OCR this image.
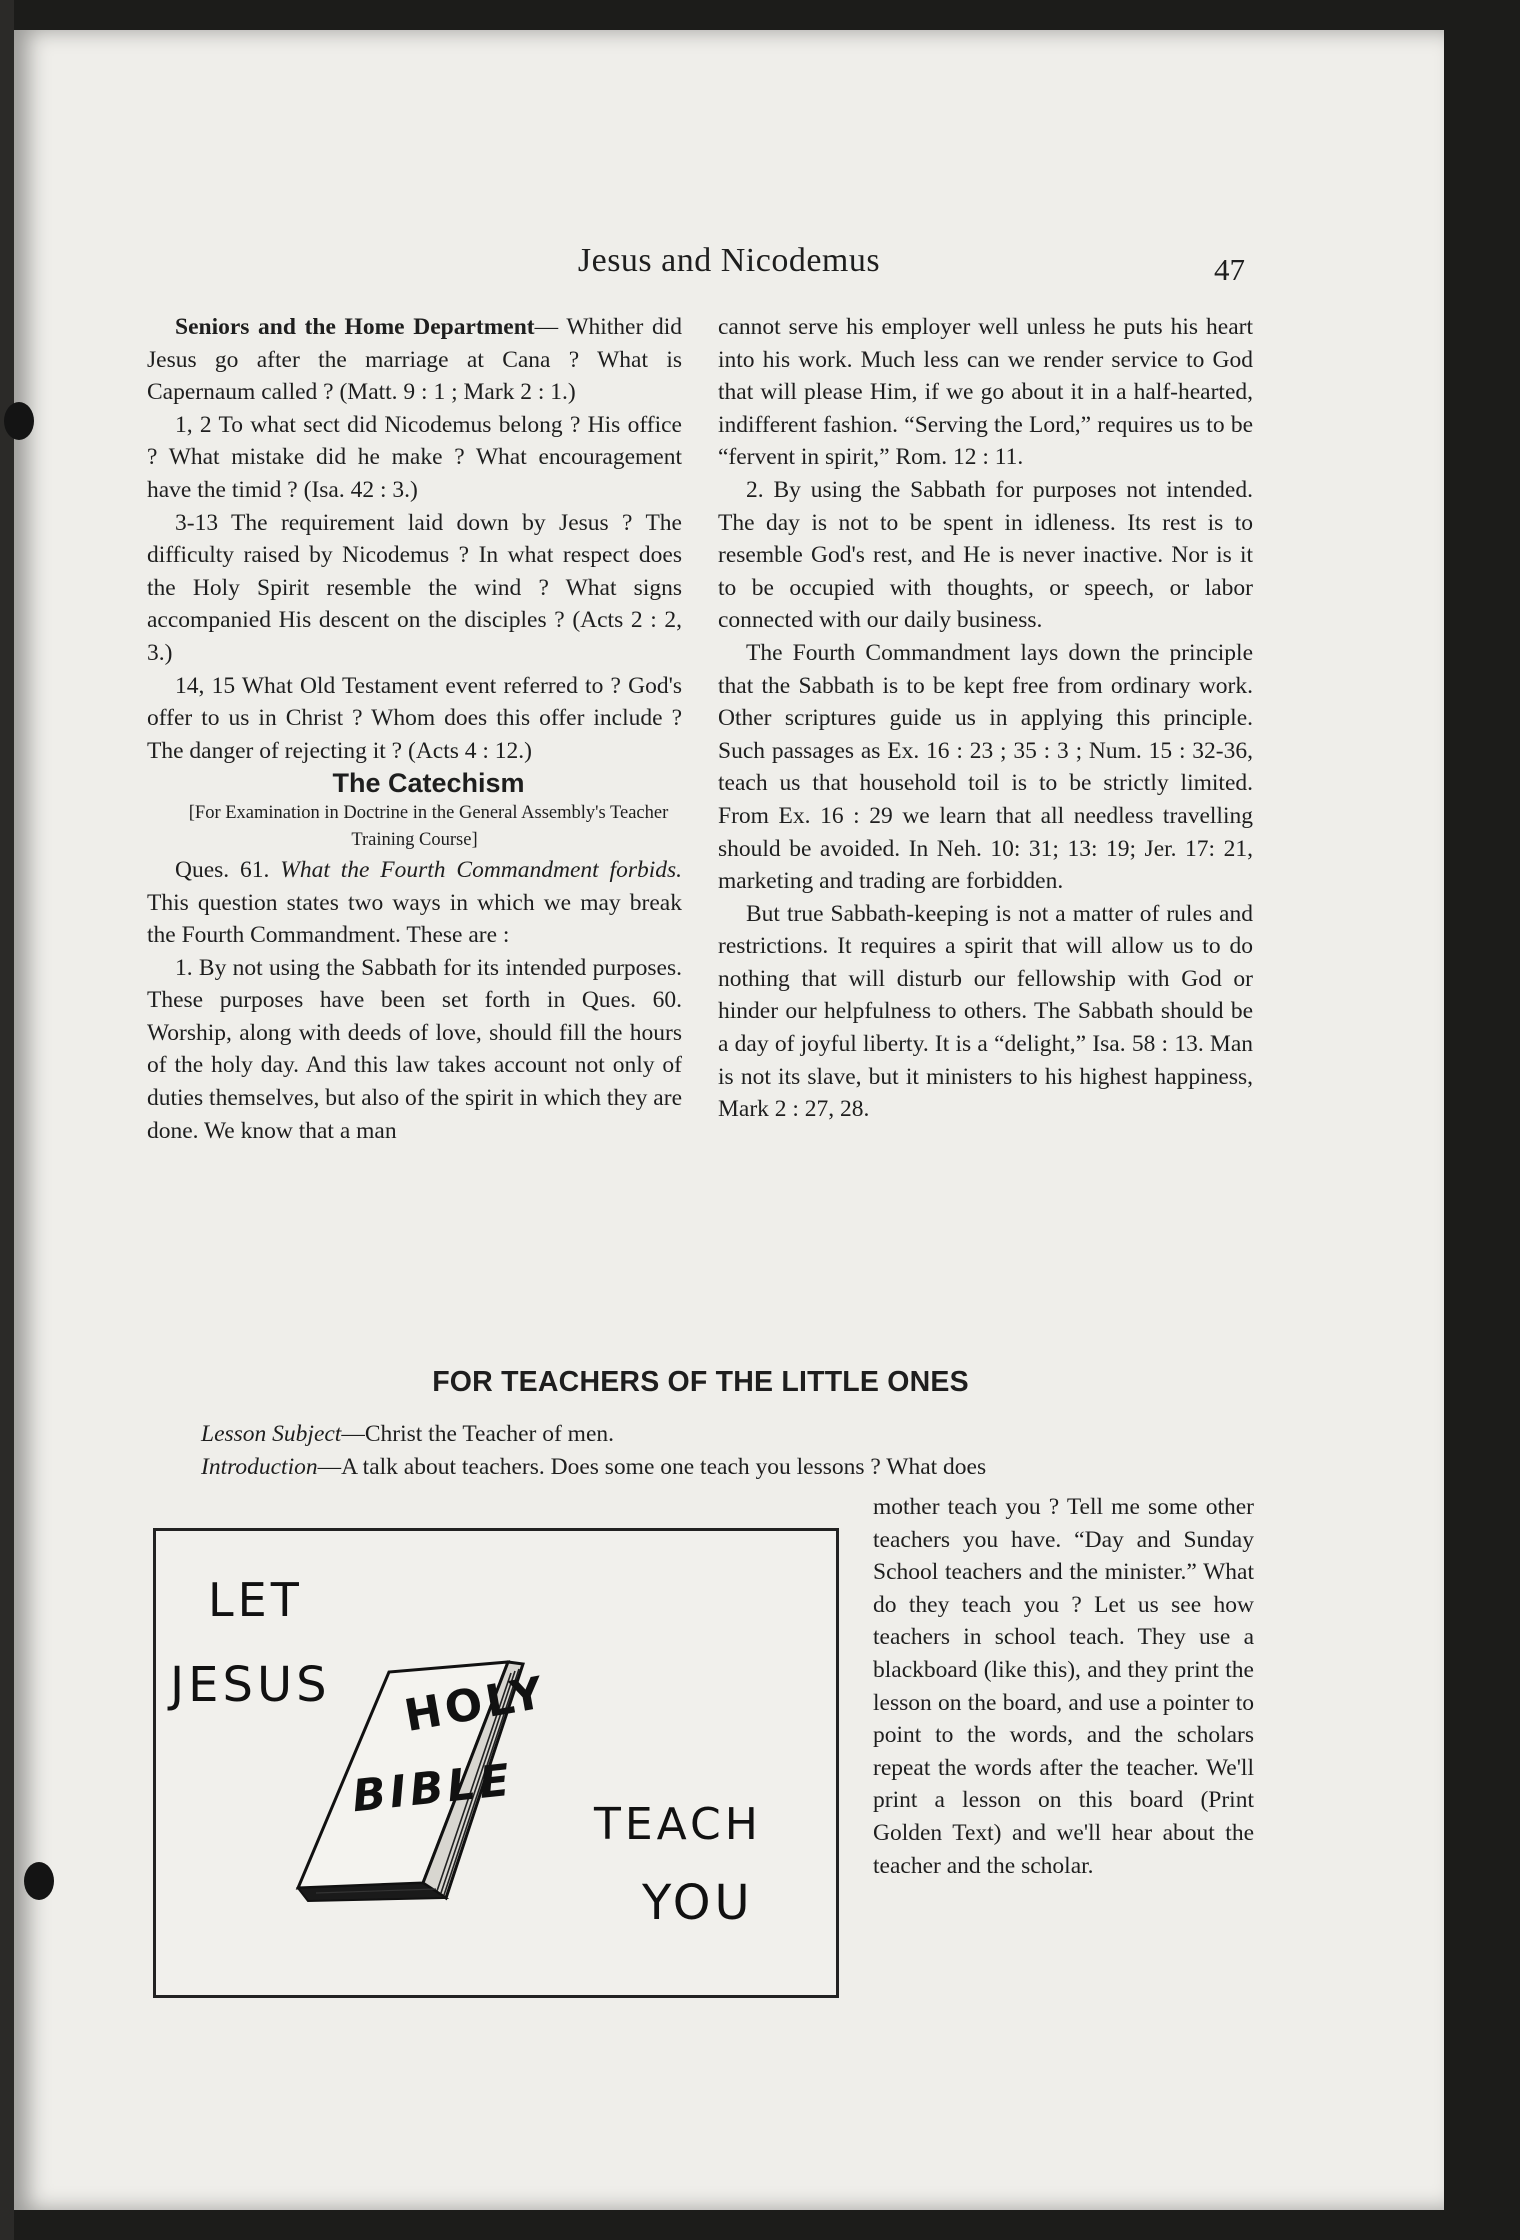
Jesus and Nicodemus	47

Seniors and the Home Department— Whither did Jesus go after the marriage at Cana ? What is Capernaum called ? (Matt. 9 : 1 ; Mark 2 : 1.)

1, 2 To what sect did Nicodemus belong ? His office ? What mistake did he make ? What encouragement have the timid ? (Isa. 42 : 3.)

3-13 The requirement laid down by Jesus ? The difficulty raised by Nicodemus ? In what respect does the Holy Spirit resemble the wind ? What signs accompanied His descent on the disciples ? (Acts 2 : 2, 3.)

14, 15 What Old Testament event referred to ? God's offer to us in Christ ? Whom does this offer include ? The danger of rejecting it ? (Acts 4 : 12.)

The Catechism

[For Examination in Doctrine in the General Assembly's Teacher Training Course]

Ques. 61. What the Fourth Commandment forbids. This question states two ways in which we may break the Fourth Commandment. These are :

1. By not using the Sabbath for its intended purposes. These purposes have been set forth in Ques. 60. Worship, along with deeds of love, should fill the hours of the holy day. And this law takes account not only of duties themselves, but also of the spirit in which they are done. We know that a man

cannot serve his employer well unless he puts his heart into his work. Much less can we render service to God that will please Him, if we go about it in a half-hearted, indifferent fashion. “Serving the Lord,” requires us to be “fervent in spirit,” Rom. 12 : 11.

2. By using the Sabbath for purposes not intended. The day is not to be spent in idleness. Its rest is to resemble God's rest, and He is never inactive. Nor is it to be occupied with thoughts, or speech, or labor connected with our daily business.

The Fourth Commandment lays down the principle that the Sabbath is to be kept free from ordinary work. Other scriptures guide us in applying this principle. Such passages as Ex. 16 : 23 ; 35 : 3 ; Num. 15 : 32-36, teach us that household toil is to be strictly limited. From Ex. 16 : 29 we learn that all needless travelling should be avoided. In Neh. 10: 31; 13: 19; Jer. 17: 21, marketing and trading are forbidden.

But true Sabbath-keeping is not a matter of rules and restrictions. It requires a spirit that will allow us to do nothing that will disturb our fellowship with God or hinder our helpfulness to others. The Sabbath should be a day of joyful liberty. It is a “delight,” Isa. 58 : 13. Man is not its slave, but it ministers to his highest happiness, Mark 2 : 27, 28.

FOR TEACHERS OF THE LITTLE ONES

Lesson Subject—Christ the Teacher of men.

Introduction—A talk about teachers. Does some one teach you lessons ? What does

mother teach you ? Tell me some other teachers you have. “Day and Sunday School teachers and the minister.” What do they teach you ? Let us see how teachers in school teach. They use a blackboard (like this), and they print the lesson on the board, and use a pointer to point to the words, and the scholars repeat the words after the teacher. We'll print a lesson on this board (Print Golden Text) and we'll hear about the teacher and the scholar.

LET
JESUS HOLY
BIBLE
TEACH
YOU
